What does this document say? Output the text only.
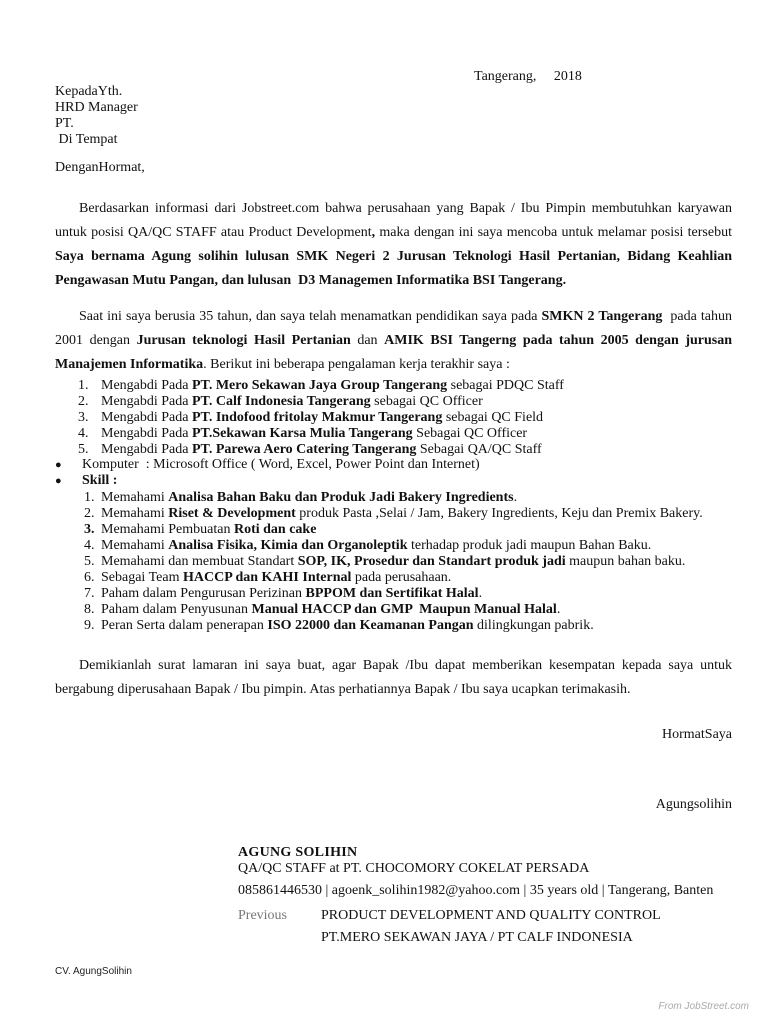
Tangerang,     2018
KepadaYth.
HRD Manager
PT.
Di Tempat
DenganHormat,
Berdasarkan informasi dari Jobstreet.com bahwa perusahaan yang Bapak / Ibu Pimpin membutuhkan karyawan
untuk posisi QA/QC STAFF atau Product Development, maka dengan ini saya mencoba untuk melamar posisi tersebut
Saya bernama Agung solihin lulusan SMK Negeri 2 Jurusan Teknologi Hasil Pertanian, Bidang Keahlian
Pengawasan Mutu Pangan, dan lulusan  D3 Managemen Informatika BSI Tangerang.
Saat ini saya berusia 35 tahun, dan saya telah menamatkan pendidikan saya pada SMKN 2 Tangerang  pada tahun
2001 dengan Jurusan teknologi Hasil Pertanian dan AMIK BSI Tangerng pada tahun 2005 dengan jurusan
Manajemen Informatika. Berikut ini beberapa pengalaman kerja terakhir saya :
1. Mengabdi Pada PT. Mero Sekawan Jaya Group Tangerang sebagai PDQC Staff
2. Mengabdi Pada PT. Calf Indonesia Tangerang sebagai QC Officer
3. Mengabdi Pada PT. Indofood fritolay Makmur Tangerang sebagai QC Field
4. Mengabdi Pada PT.Sekawan Karsa Mulia Tangerang Sebagai QC Officer
5. Mengabdi Pada PT. Parewa Aero Catering Tangerang Sebagai QA/QC Staff
● Komputer  : Microsoft Office ( Word, Excel, Power Point dan Internet)
● Skill :
1. Memahami Analisa Bahan Baku dan Produk Jadi Bakery Ingredients.
2. Memahami Riset & Development produk Pasta ,Selai / Jam, Bakery Ingredients, Keju dan Premix Bakery.
3. Memahami Pembuatan Roti dan cake
4. Memahami Analisa Fisika, Kimia dan Organoleptik terhadap produk jadi maupun Bahan Baku.
5. Memahami dan membuat Standart SOP, IK, Prosedur dan Standart produk jadi maupun bahan baku.
6. Sebagai Team HACCP dan KAHI Internal pada perusahaan.
7. Paham dalam Pengurusan Perizinan BPPOM dan Sertifikat Halal.
8. Paham dalam Penyusunan Manual HACCP dan GMP  Maupun Manual Halal.
9. Peran Serta dalam penerapan ISO 22000 dan Keamanan Pangan dilingkungan pabrik.
Demikianlah surat lamaran ini saya buat, agar Bapak /Ibu dapat memberikan kesempatan kepada saya untuk
bergabung diperusahaan Bapak / Ibu pimpin. Atas perhatiannya Bapak / Ibu saya ucapkan terimakasih.
HormatSaya
Agungsolihin
AGUNG SOLIHIN
QA/QC STAFF at PT. CHOCOMORY COKELAT PERSADA
085861446530 | agoenk_solihin1982@yahoo.com | 35 years old | Tangerang, Banten
Previous PRODUCT DEVELOPMENT AND QUALITY CONTROL
PT.MERO SEKAWAN JAYA / PT CALF INDONESIA
CV. AgungSolihin
From JobStreet.com
